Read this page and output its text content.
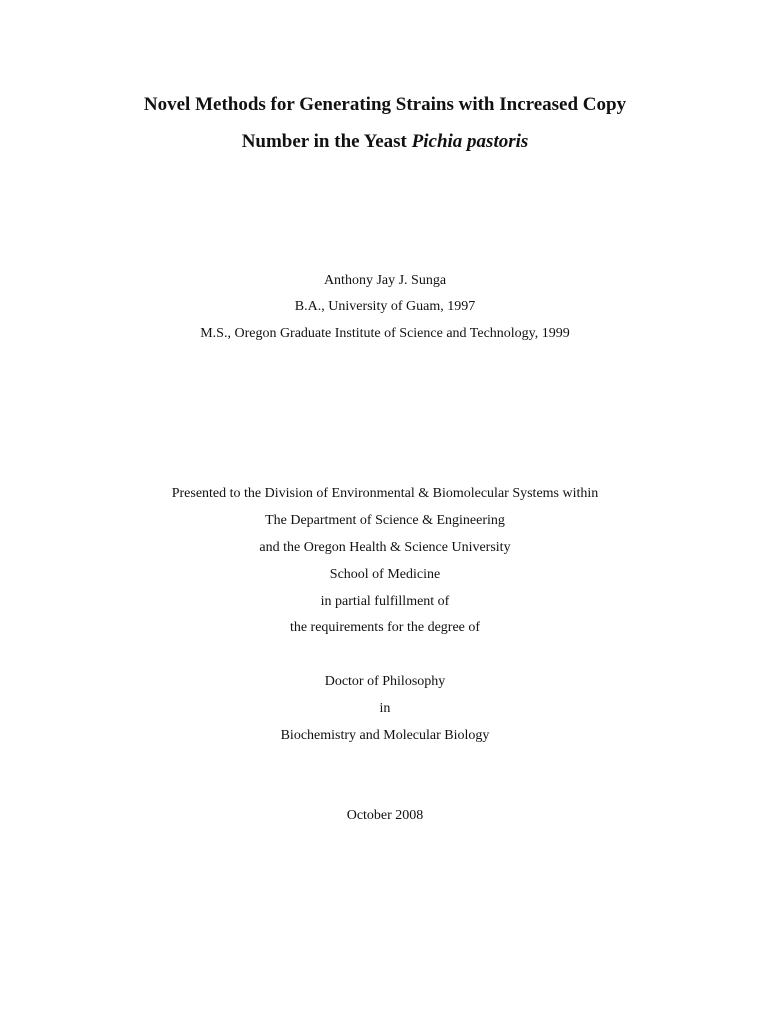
Novel Methods for Generating Strains with Increased Copy
Number in the Yeast Pichia pastoris
Anthony Jay J. Sunga
B.A., University of Guam, 1997
M.S., Oregon Graduate Institute of Science and Technology, 1999
Presented to the Division of Environmental & Biomolecular Systems within
The Department of Science & Engineering
and the Oregon Health & Science University
School of Medicine
in partial fulfillment of
the requirements for the degree of
Doctor of Philosophy
in
Biochemistry and Molecular Biology
October 2008
